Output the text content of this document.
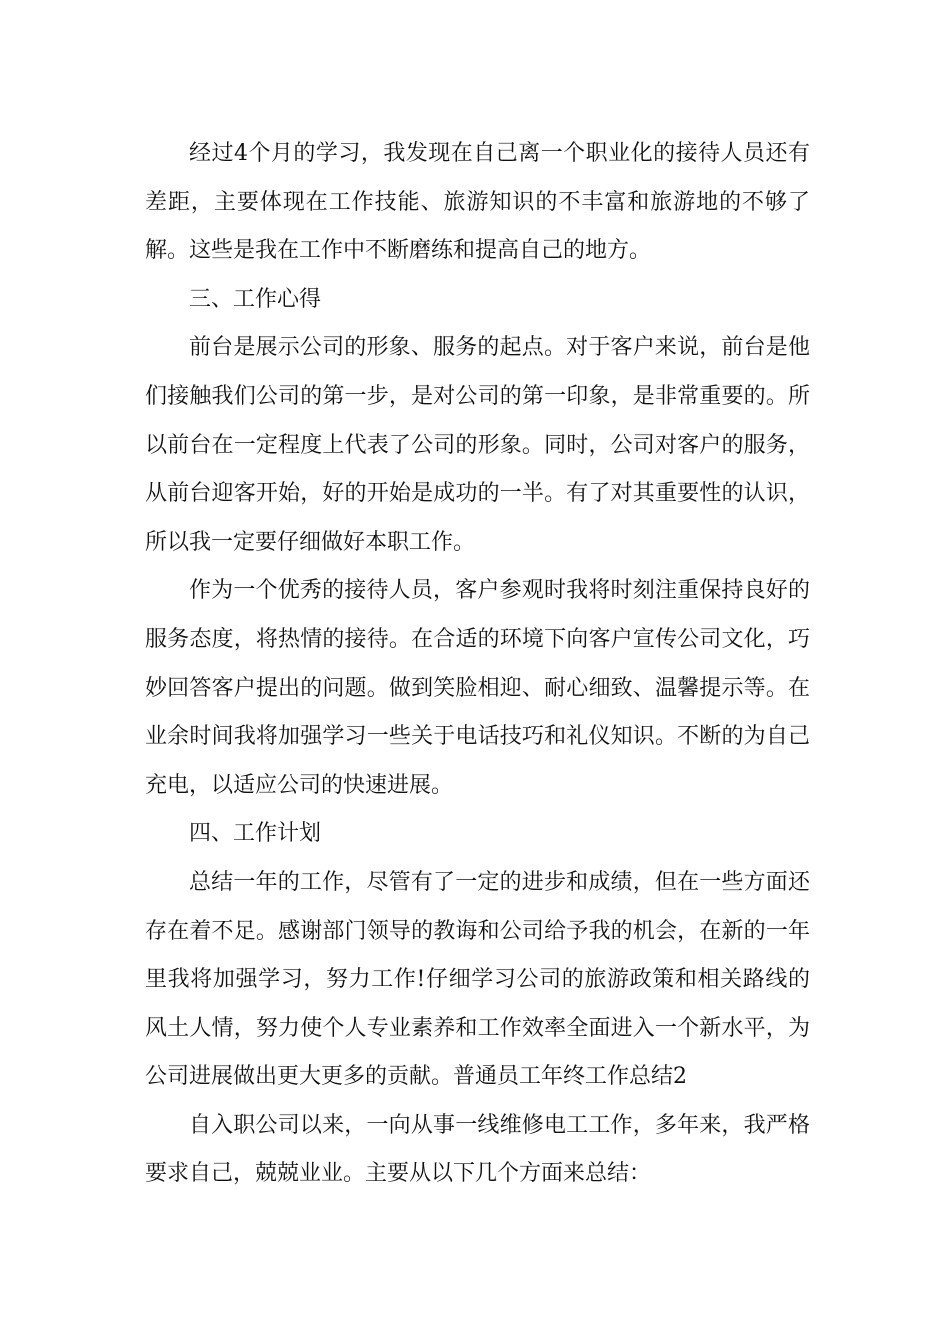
经过4个月的学习，我发现在自己离一个职业化的接待人员还有差距，主要体现在工作技能、旅游知识的不丰富和旅游地的不够了解。这些是我在工作中不断磨练和提高自己的地方。

三、工作心得

前台是展示公司的形象、服务的起点。对于客户来说，前台是他们接触我们公司的第一步，是对公司的第一印象，是非常重要的。所以前台在一定程度上代表了公司的形象。同时，公司对客户的服务，从前台迎客开始，好的开始是成功的一半。有了对其重要性的认识，所以我一定要仔细做好本职工作。

作为一个优秀的接待人员，客户参观时我将时刻注重保持良好的服务态度，将热情的接待。在合适的环境下向客户宣传公司文化，巧妙回答客户提出的问题。做到笑脸相迎、耐心细致、温馨提示等。在业余时间我将加强学习一些关于电话技巧和礼仪知识。不断的为自己充电，以适应公司的快速进展。

四、工作计划

总结一年的工作，尽管有了一定的进步和成绩，但在一些方面还存在着不足。感谢部门领导的教诲和公司给予我的机会，在新的一年里我将加强学习，努力工作!仔细学习公司的旅游政策和相关路线的风土人情，努力使个人专业素养和工作效率全面进入一个新水平，为公司进展做出更大更多的贡献。普通员工年终工作总结2

自入职公司以来，一向从事一线维修电工工作，多年来，我严格要求自己，兢兢业业。主要从以下几个方面来总结：
